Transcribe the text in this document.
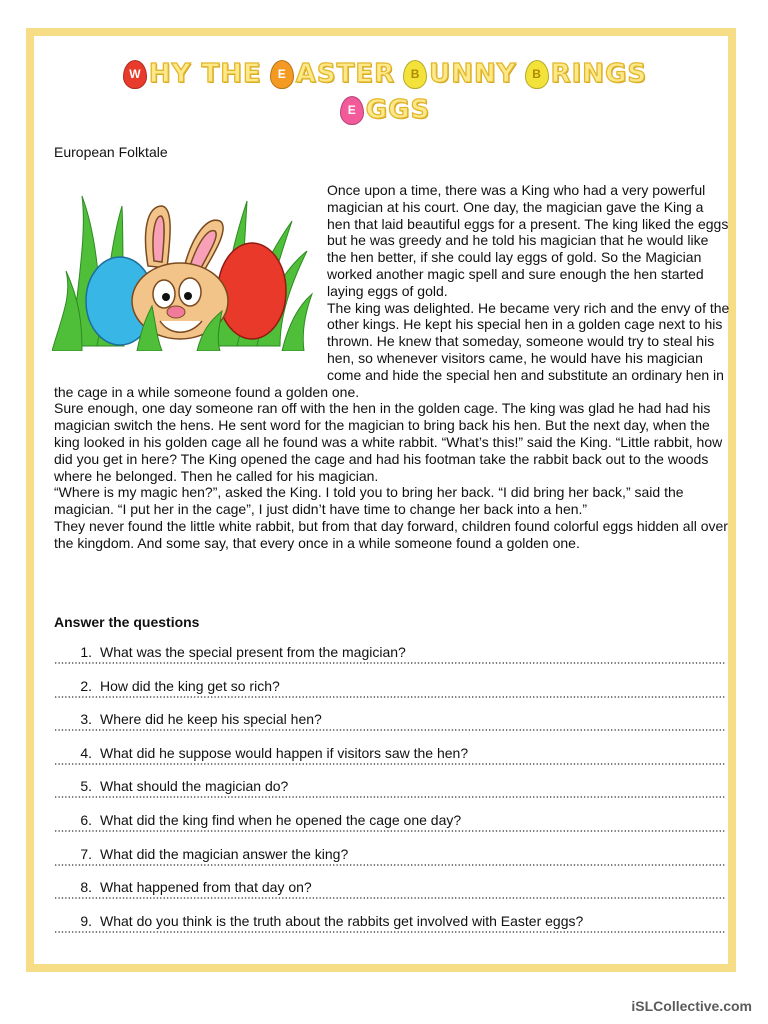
W HY THE	E ASTER	B UNNY	B RINGS
E GGS
European Folktale

Once upon a time, there was a King who had a very powerful magician at his court. One day, the magician gave the King a hen that laid beautiful eggs for a present. The king liked the eggs but he was greedy and he told his magician that he would like the hen better, if she could lay eggs of gold. So the Magician worked another magic spell and sure enough the hen started laying eggs of gold.

The king was delighted. He became very rich and the envy of the other kings. He kept his special hen in a golden cage next to his thrown. He knew that someday, someone would try to steal his hen, so whenever visitors came, he would have his magician come and hide the special hen and substitute an ordinary hen in the cage in a while someone found a golden one.

Sure enough, one day someone ran off with the hen in the golden cage. The king was glad he had had his magician switch the hens. He sent word for the magician to bring back his hen. But the next day, when the king looked in his golden cage all he found was a white rabbit. “What’s this!” said the King. “Little rabbit, how did you get in here? The King opened the cage and had his footman take the rabbit back out to the woods where he belonged. Then he called for his magician.

“Where is my magic hen?”, asked the King. I told you to bring her back. “I did bring her back,” said the magician. “I put her in the cage”, I just didn’t have time to change her back into a hen.”

They never found the little white rabbit, but from that day forward, children found colorful eggs hidden all over the kingdom. And some say, that every once in a while someone found a golden one.

Answer the questions
1. What was the special present from the magician?
2. How did the king get so rich?
3. Where did he keep his special hen?
4. What did he suppose would happen if visitors saw the hen?
5. What should the magician do?
6. What did the king find when he opened the cage one day?
7. What did the magician answer the king?
8. What happened from that day on?
9. What do you think is the truth about the rabbits get involved with Easter eggs?
iSLCollective.com
